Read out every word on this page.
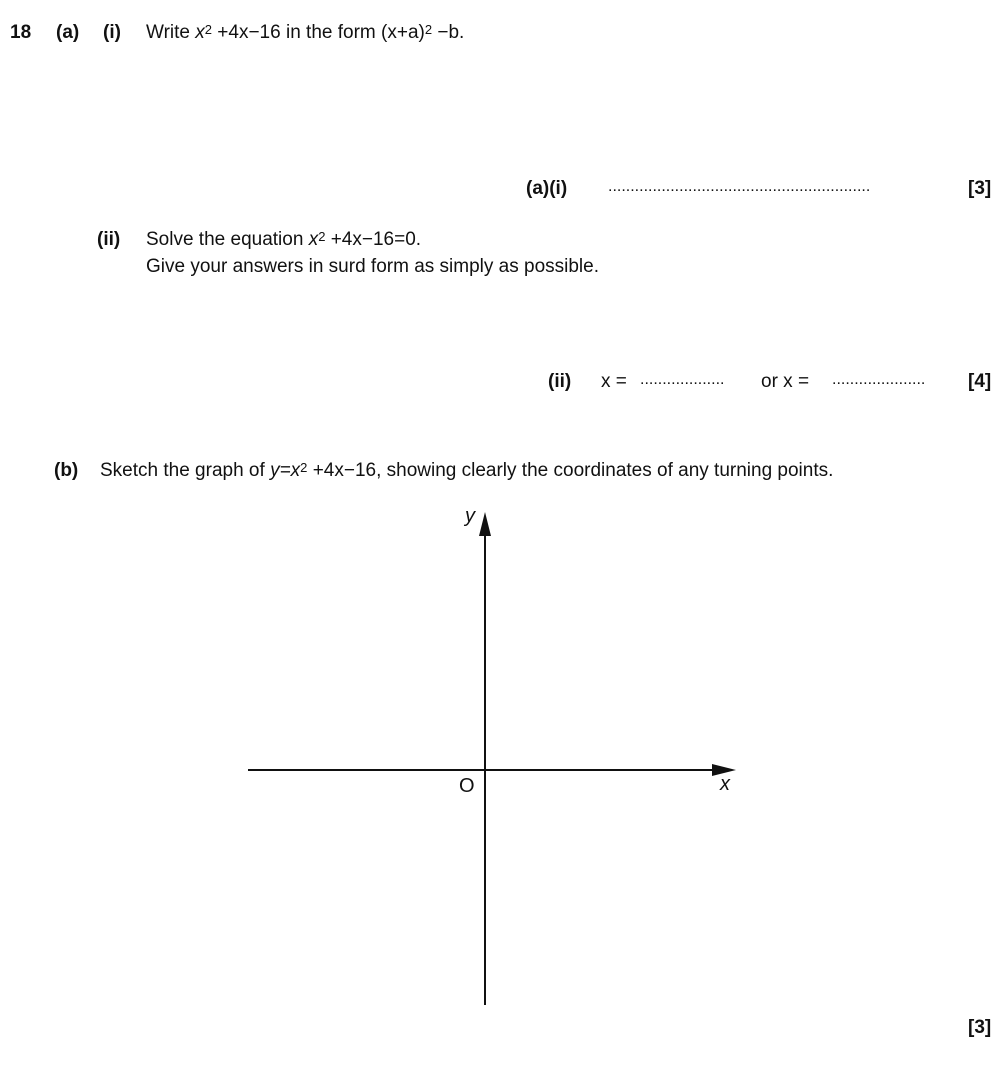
18 (a) (i) Write $x^2 +4x-16$ in the form $(x+a)^2 -b$.
(a)(i)	...........................................................	[3]
(ii) Solve the equation $x^2 +4x-16=0$.
Give your answers in surd form as simply as possible.
(ii) x = ................... or x = ..................... [4]
(b) Sketch the graph of $y=x^2 +4x-16$, showing clearly the coordinates of any turning points.
y
x
O
[3]
